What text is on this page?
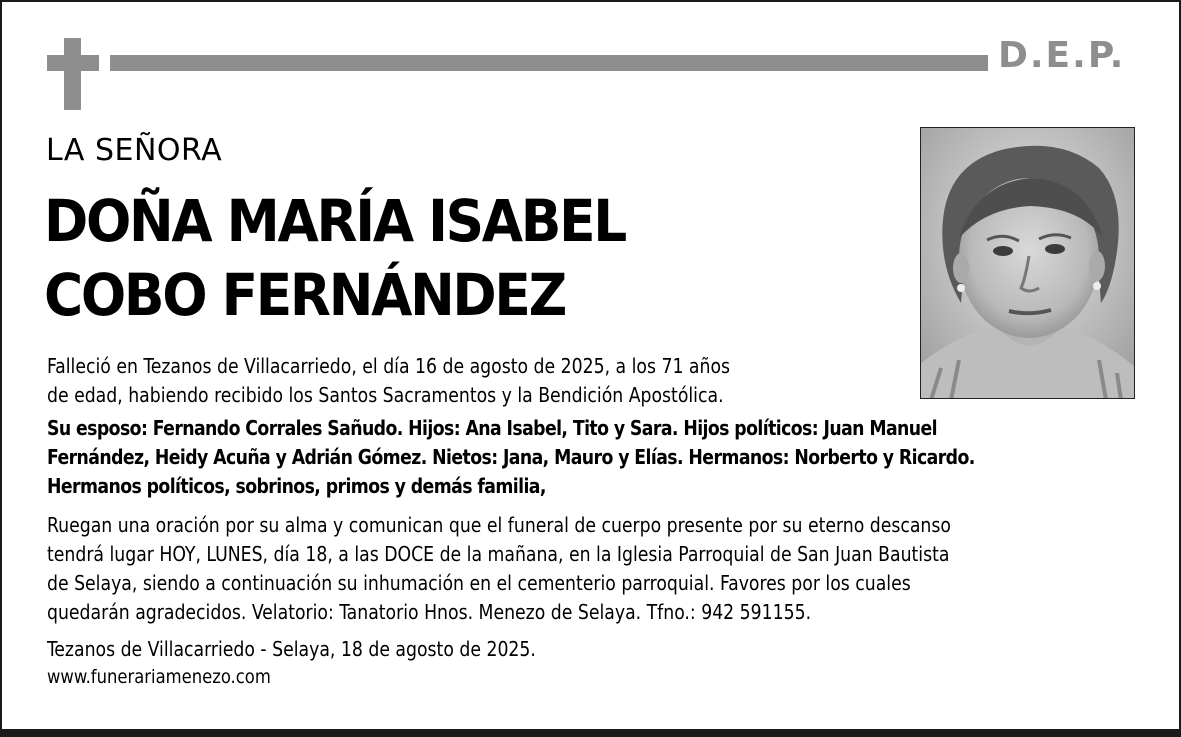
D.E.P.
LA SEÑORA
DOÑA MARÍA ISABEL
COBO FERNÁNDEZ
Falleció en Tezanos de Villacarriedo, el día 16 de agosto de 2025, a los 71 años
de edad, habiendo recibido los Santos Sacramentos y la Bendición Apostólica.
Su esposo: Fernando Corrales Sañudo. Hijos: Ana Isabel, Tito y Sara. Hijos políticos: Juan Manuel
Fernández, Heidy Acuña y Adrián Gómez. Nietos: Jana, Mauro y Elías. Hermanos: Norberto y Ricardo.
Hermanos políticos, sobrinos, primos y demás familia,
Ruegan una oración por su alma y comunican que el funeral de cuerpo presente por su eterno descanso
tendrá lugar HOY, LUNES, día 18, a las DOCE de la mañana, en la Iglesia Parroquial de San Juan Bautista
de Selaya, siendo a continuación su inhumación en el cementerio parroquial. Favores por los cuales
quedarán agradecidos. Velatorio: Tanatorio Hnos. Menezo de Selaya. Tfno.: 942 591155.
Tezanos de Villacarriedo - Selaya, 18 de agosto de 2025.
www.funerariamenezo.com
